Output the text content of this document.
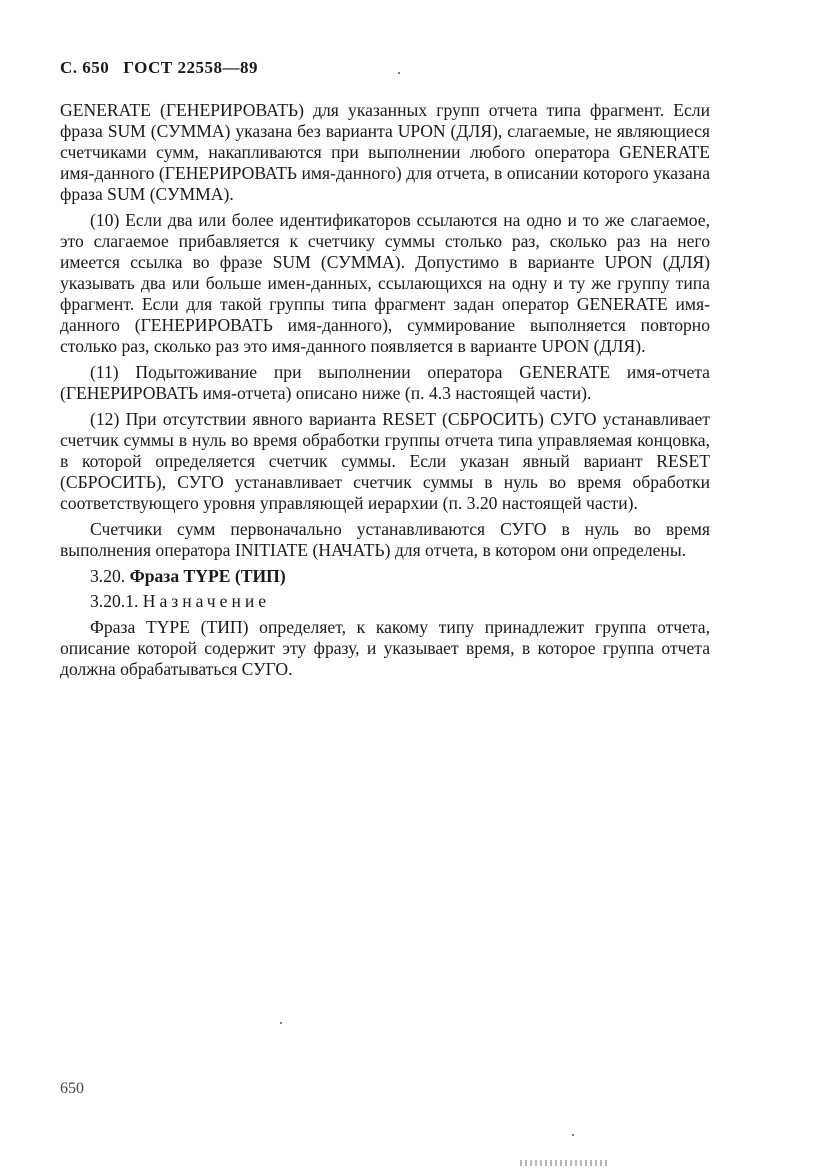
С. 650 ГОСТ 22558—89

GENERATE (ГЕНЕРИРОВАТЬ) для указанных групп отчета типа фрагмент. Если фраза SUM (СУММА) указана без варианта UPON (ДЛЯ), слагаемые, не являющиеся счетчиками сумм, накапливаются при выполнении любого оператора GENERATE имя-данного (ГЕНЕРИРОВАТЬ имя-данного) для отчета, в описании которого указана фраза SUM (СУММА).

(10) Если два или более идентификаторов ссылаются на одно и то же слагаемое, это слагаемое прибавляется к счетчику суммы столько раз, сколько раз на него имеется ссылка во фразе SUM (СУММА). Допустимо в варианте UPON (ДЛЯ) указывать два или больше имен-данных, ссылающихся на одну и ту же группу типа фрагмент. Если для такой группы типа фрагмент задан оператор GENERATE имя-данного (ГЕНЕРИРОВАТЬ имя-данного), суммирование выполняется повторно столько раз, сколько раз это имя-данного появляется в варианте UPON (ДЛЯ).

(11) Подытоживание при выполнении оператора GENERATE имя-отчета (ГЕНЕРИРОВАТЬ имя-отчета) описано ниже (п. 4.3 настоящей части).

(12) При отсутствии явного варианта RESET (СБРОСИТЬ) СУГО устанавливает счетчик суммы в нуль во время обработки группы отчета типа управляемая концовка, в которой определяется счетчик суммы. Если указан явный вариант RESET (СБРОСИТЬ), СУГО устанавливает счетчик суммы в нуль во время обработки соответствующего уровня управляющей иерархии (п. 3.20 настоящей части).

Счетчики сумм первоначально устанавливаются СУГО в нуль во время выполнения оператора INITIATE (НАЧАТЬ) для отчета, в котором они определены.

3.20. Фраза TYPE (ТИП)

3.20.1. Назначение

Фраза TYPE (ТИП) определяет, к какому типу принадлежит группа отчета, описание которой содержит эту фразу, и указывает время, в которое группа отчета должна обрабатываться СУГО.

650
